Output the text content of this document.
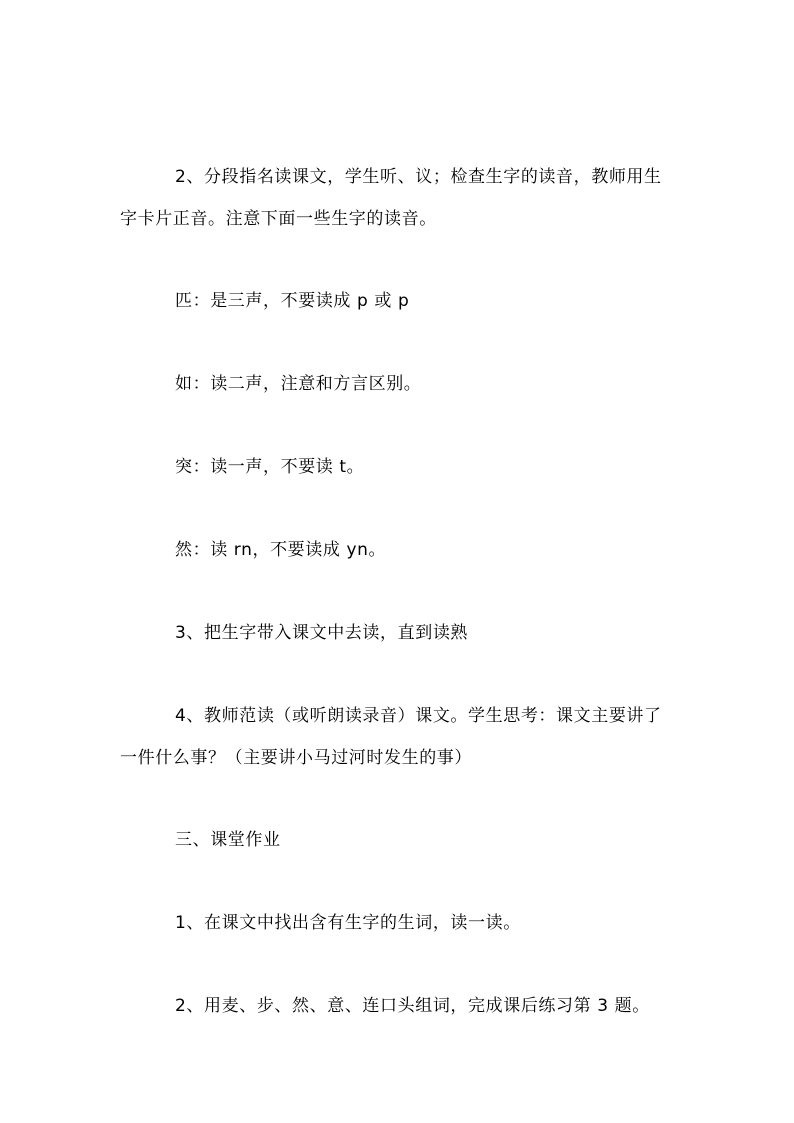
2、分段指名读课文，学生听、议；检查生字的读音，教师用生字卡片正音。注意下面一些生字的读音。

匹：是三声，不要读成 p 或 p

如：读二声，注意和方言区别。

突：读一声，不要读 t。

然：读 rn，不要读成 yn。

3、把生字带入课文中去读，直到读熟

4、教师范读（或听朗读录音）课文。学生思考：课文主要讲了一件什么事？（主要讲小马过河时发生的事）

三、课堂作业

1、在课文中找出含有生字的生词，读一读。

2、用麦、步、然、意、连口头组词，完成课后练习第 3 题。
